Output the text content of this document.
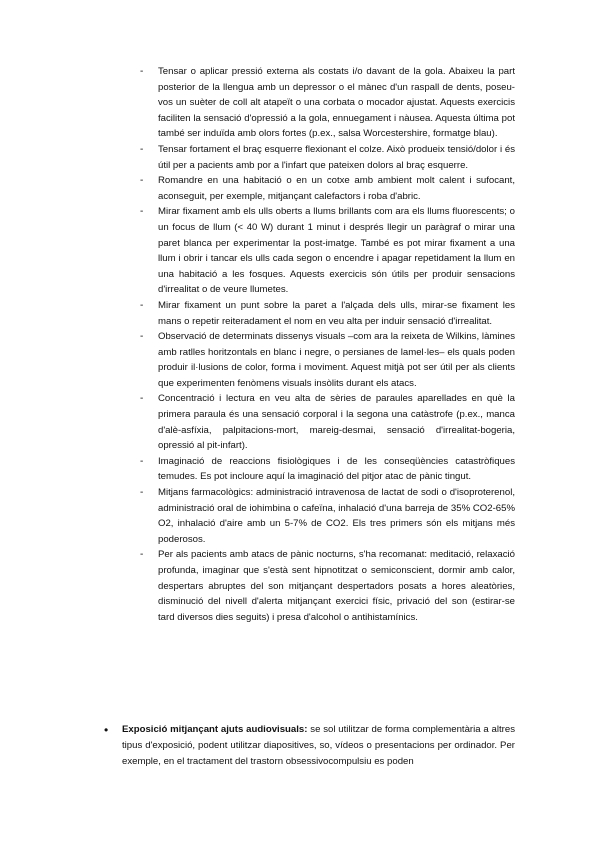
- Tensar o aplicar pressió externa als costats i/o davant de la gola. Abaixeu la part posterior de la llengua amb un depressor o el mànec d'un raspall de dents, poseu-vos un suèter de coll alt atapeït o una corbata o mocador ajustat. Aquests exercicis faciliten la sensació d'opressió a la gola, ennuegament i nàusea. Aquesta última pot també ser induïda amb olors fortes (p.ex., salsa Worcestershire, formatge blau).
- Tensar fortament el braç esquerre flexionant el colze. Això produeix tensió/dolor i és útil per a pacients amb por a l'infart que pateixen dolors al braç esquerre.
- Romandre en una habitació o en un cotxe amb ambient molt calent i sufocant, aconseguit, per exemple, mitjançant calefactors i roba d'abric.
- Mirar fixament amb els ulls oberts a llums brillants com ara els llums fluorescents; o un focus de llum (< 40 W) durant 1 minut i després llegir un paràgraf o mirar una paret blanca per experimentar la post-imatge. També es pot mirar fixament a una llum i obrir i tancar els ulls cada segon o encendre i apagar repetidament la llum en una habitació a les fosques. Aquests exercicis són útils per produir sensacions d'irrealitat o de veure llumetes.
- Mirar fixament un punt sobre la paret a l'alçada dels ulls, mirar-se fixament les mans o repetir reiteradament el nom en veu alta per induir sensació d'irrealitat.
- Observació de determinats dissenys visuals –com ara la reixeta de Wilkins, làmines amb ratlles horitzontals en blanc i negre, o persianes de lamel·les– els quals poden produir il·lusions de color, forma i moviment. Aquest mitjà pot ser útil per als clients que experimenten fenòmens visuals insòlits durant els atacs.
- Concentració i lectura en veu alta de sèries de paraules aparellades en què la primera paraula és una sensació corporal i la segona una catàstrofe (p.ex., manca d'alè-asfíxia, palpitacions-mort, mareig-desmai, sensació d'irrealitat-bogeria, opressió al pit-infart).
- Imaginació de reaccions fisiològiques i de les conseqüències catastròfiques temudes. Es pot incloure aquí la imaginació del pitjor atac de pànic tingut.
- Mitjans farmacològics: administració intravenosa de lactat de sodi o d'isoproterenol, administració oral de iohimbina o cafeïna, inhalació d'una barreja de 35% CO2-65% O2, inhalació d'aire amb un 5-7% de CO2. Els tres primers són els mitjans més poderosos.
- Per als pacients amb atacs de pànic nocturns, s'ha recomanat: meditació, relaxació profunda, imaginar que s'està sent hipnotitzat o semiconscient, dormir amb calor, despertars abruptes del son mitjançant despertadors posats a hores aleatòries, disminució del nivell d'alerta mitjançant exercici físic, privació del son (estirar-se tard diversos dies seguits) i presa d'alcohol o antihistamínics.
• Exposició mitjançant ajuts audiovisuals: se sol utilitzar de forma complementària a altres tipus d'exposició, podent utilitzar diapositives, so, vídeos o presentacions per ordinador. Per exemple, en el tractament del trastorn obsessivocompulsiu es poden
